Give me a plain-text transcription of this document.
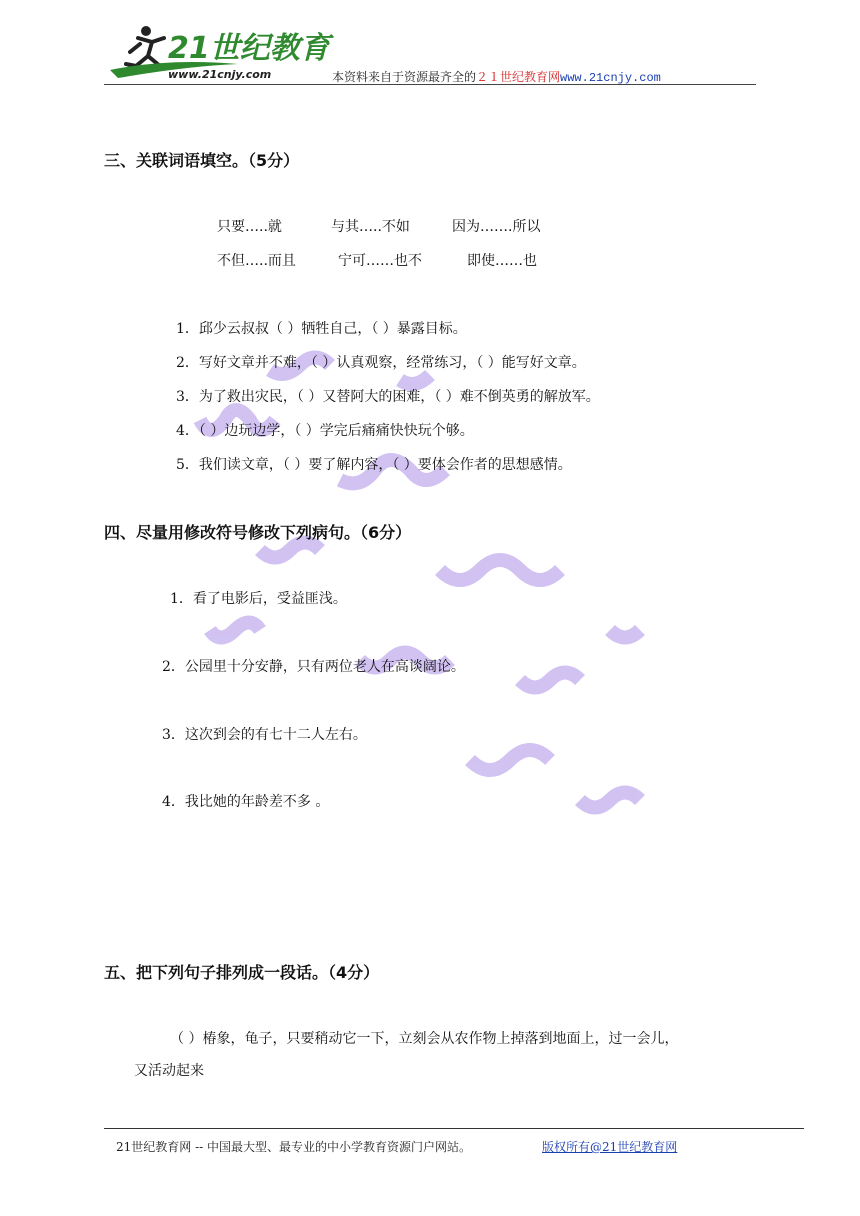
21世纪教育
www.21cnjy.com	本资料来自于资源最齐全的２１世纪教育网www.21cnjy.com
三、关联词语填空。（5分）
只要…..就	与其…..不如	因为…….所以
不但…..而且	宁可……也不	即使……也
1．邱少云叔叔（ ）牺牲自己，（ ）暴露目标。
2．写好文章并不难，（ ）认真观察，经常练习，（ ）能写好文章。
3．为了救出灾民，（ ）又替阿大的困难，（ ）难不倒英勇的解放军。
4．（ ）边玩边学，（ ）学完后痛痛快快玩个够。
5．我们读文章，（ ）要了解内容，（ ）要体会作者的思想感情。
四、尽量用修改符号修改下列病句。（6分）
1．看了电影后，受益匪浅。
2．公园里十分安静，只有两位老人在高谈阔论。
3．这次到会的有七十二人左右。
4．我比她的年龄差不多 。
五、把下列句子排列成一段话。（4分）
（ ）椿象，龟子，只要稍动它一下，立刻会从农作物上掉落到地面上，过一会儿，
又活动起来
21世纪教育网 -- 中国最大型、最专业的中小学教育资源门户网站。	版权所有@21世纪教育网
